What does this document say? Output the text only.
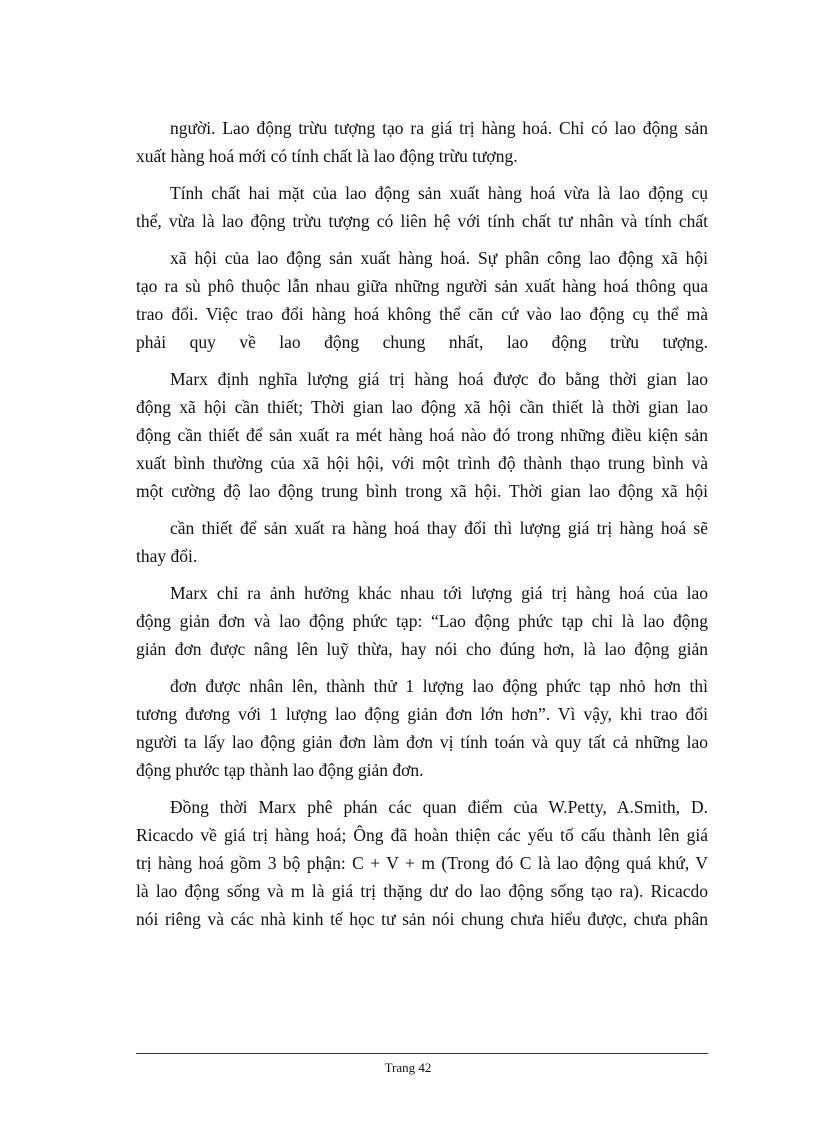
người. Lao động trừu tượng tạo ra giá trị hàng hoá. Chỉ có lao động sản
xuất hàng hoá mới có tính chất là lao động trừu tượng.
Tính chất hai mặt của lao động sản xuất hàng hoá vừa là lao động cụ
thể, vừa là lao động trừu tượng có liên hệ với tính chất tư nhân và tính chất
xã hội của lao động sản xuất hàng hoá. Sự phân công lao động xã hội
tạo ra sù phô thuộc lẫn nhau giữa những người sản xuất hàng hoá thông qua
trao đổi. Việc trao đổi hàng hoá không thể căn cứ vào lao động cụ thể mà
phải quy về lao động chung nhất, lao động trừu tượng.
Marx định nghĩa lượng giá trị hàng hoá được đo bằng thời gian lao
động xã hội cần thiết; Thời gian lao động xã hội cần thiết là thời gian lao
động cần thiết để sản xuất ra mét hàng hoá nào đó trong những điều kiện sản
xuất bình thường của xã hội hội, với một trình độ thành thạo trung bình và
một cường độ lao động trung bình trong xã hội. Thời gian lao động xã hội
cần thiết để sản xuất ra hàng hoá thay đổi thì lượng giá trị hàng hoá sẽ
thay đổi.
Marx chỉ ra ảnh hưởng khác nhau tới lượng giá trị hàng hoá của lao
động giản đơn và lao động phức tạp: “Lao động phức tạp chỉ là lao động
giản đơn được nâng lên luỹ thừa, hay nói cho đúng hơn, là lao động giản
đơn được nhân lên, thành thử 1 lượng lao động phức tạp nhỏ hơn thì
tương đương với 1 lượng lao động giản đơn lớn hơn”. Vì vậy, khi trao đổi
người ta lấy lao động giản đơn làm đơn vị tính toán và quy tất cả những lao
động phước tạp thành lao động giản đơn.
Đồng thời Marx phê phán các quan điểm của W.Petty, A.Smith, D.
Ricacdo về giá trị hàng hoá; Ông đã hoàn thiện các yếu tố cấu thành lên giá
trị hàng hoá gồm 3 bộ phận: C + V + m (Trong đó C là lao động quá khứ, V
là lao động sống và m là giá trị thặng dư do lao động sống tạo ra). Ricacdo
nói riêng và các nhà kinh tế học tư sản nói chung chưa hiểu được, chưa phân
Trang 42
